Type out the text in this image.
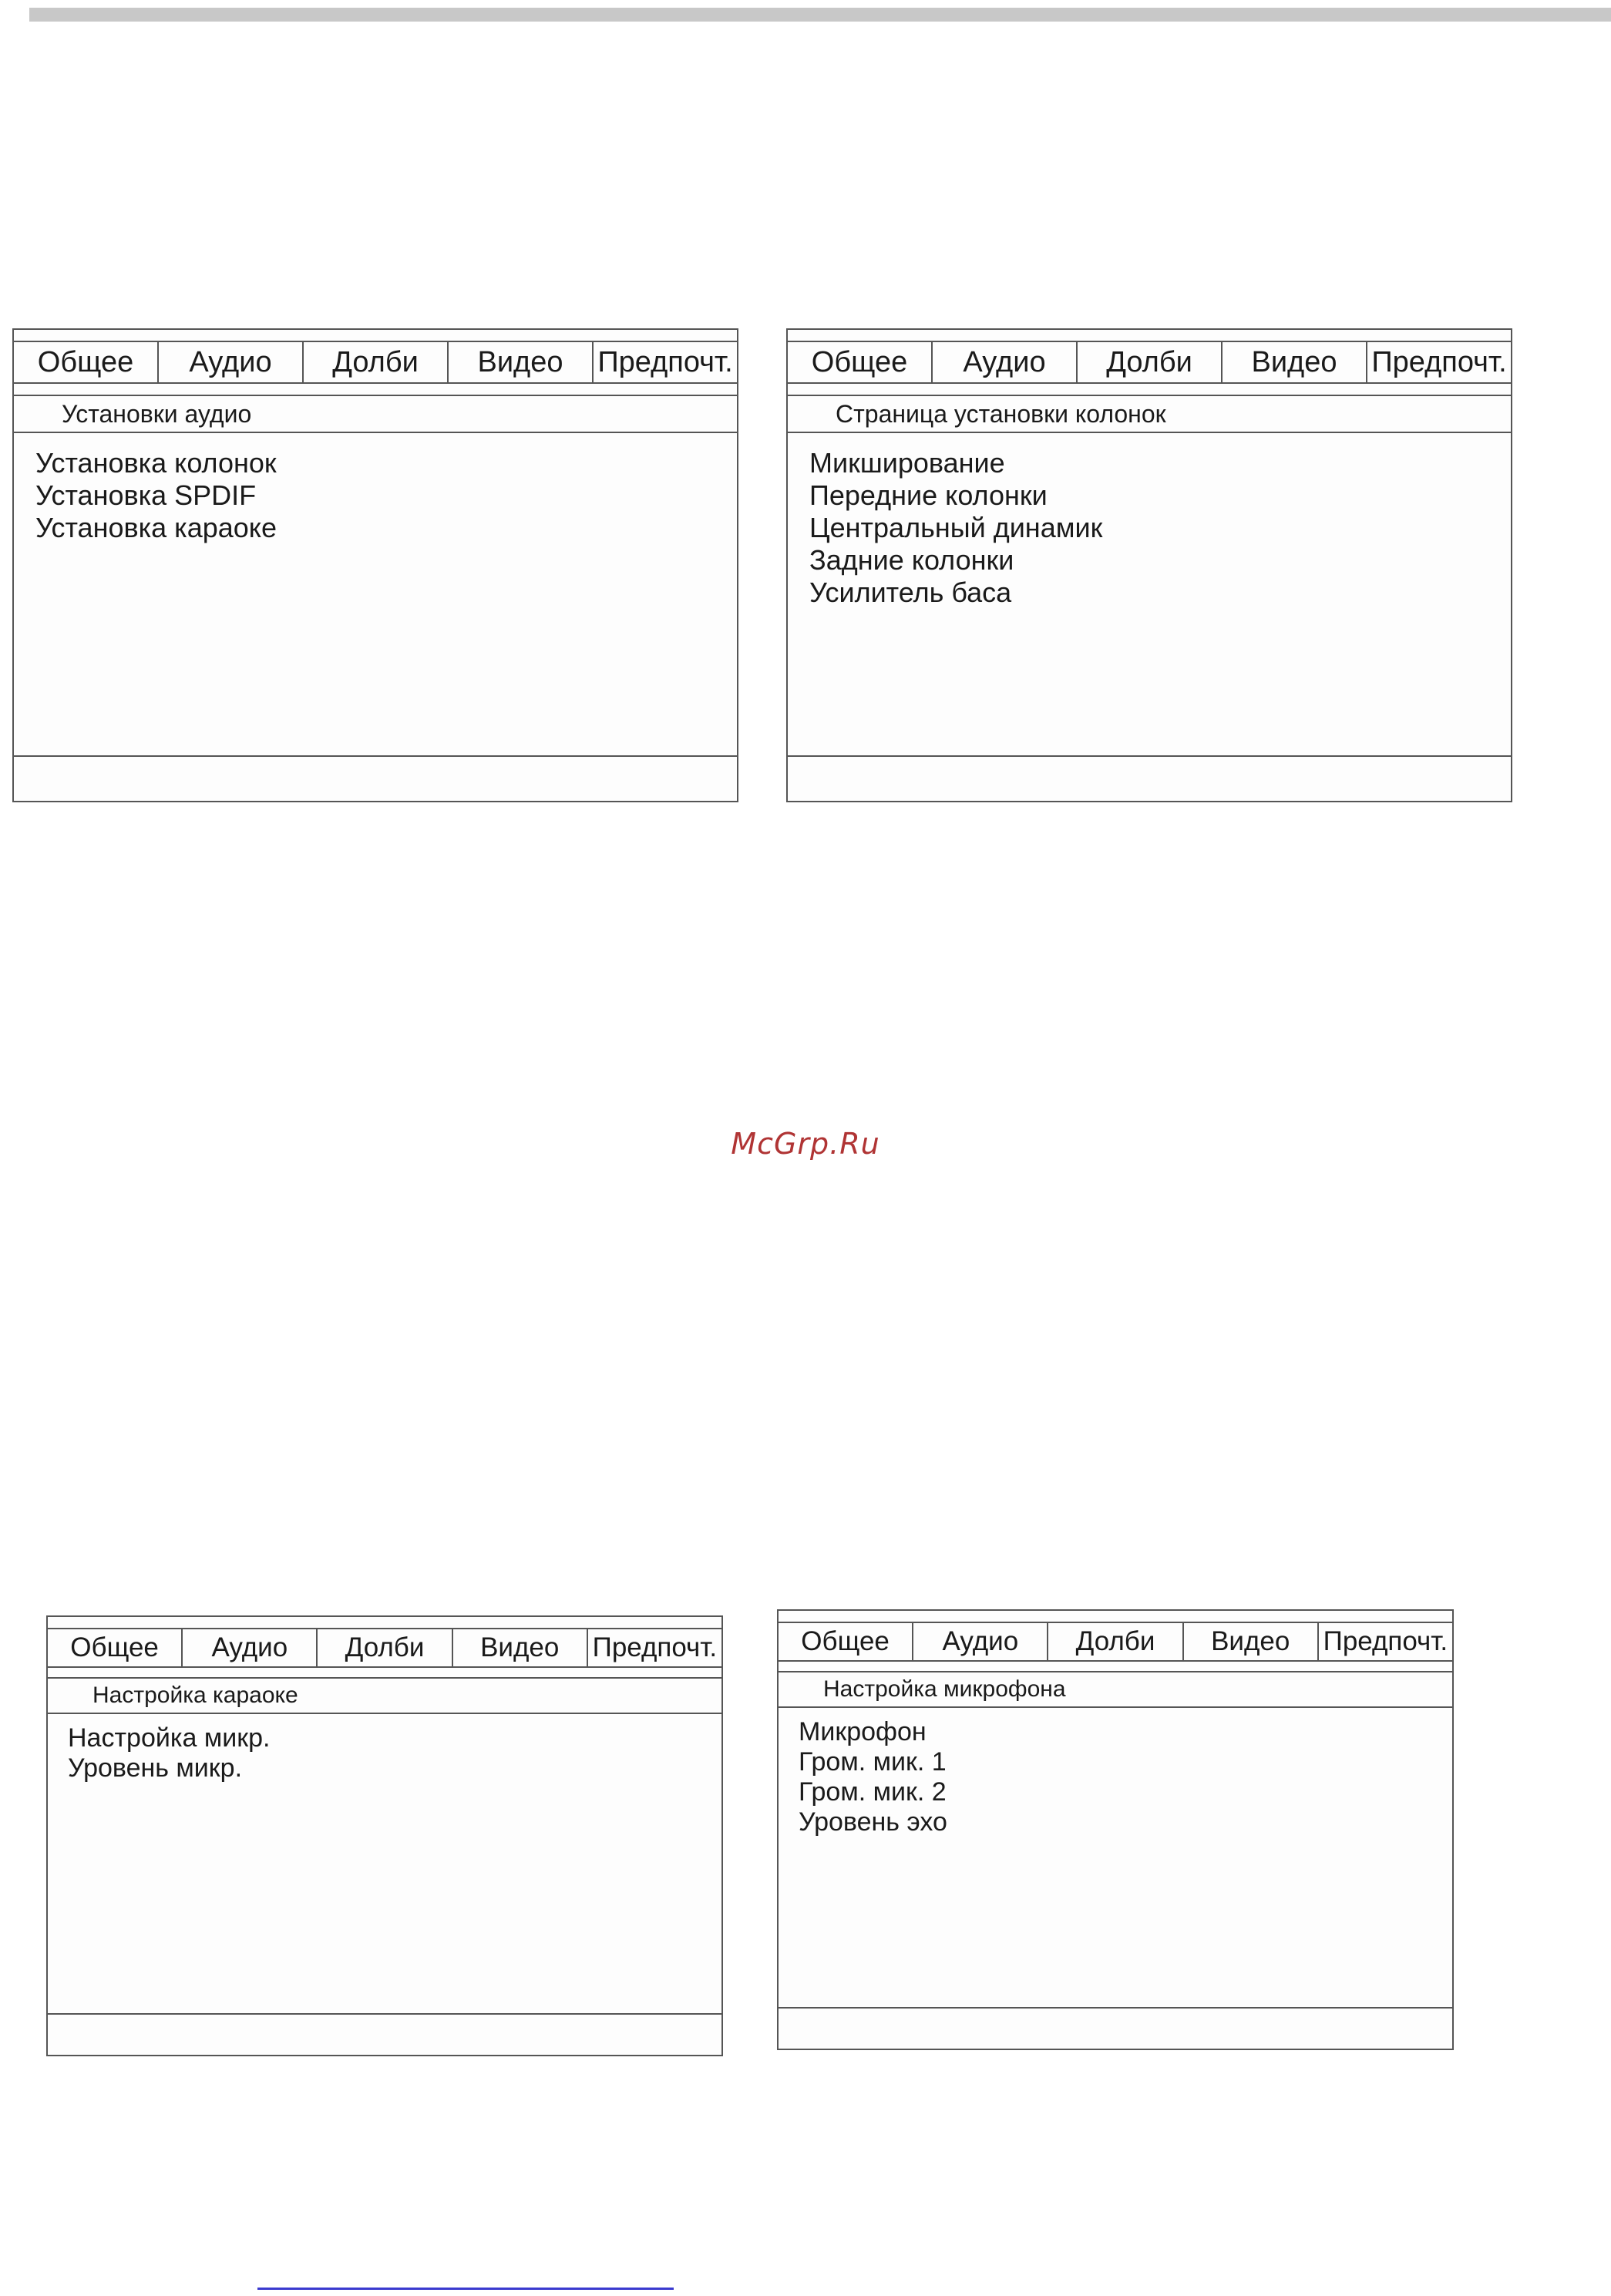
Общее	Аудио	Долби	Видео	Предпочт.
Установки аудио
Установка колонок
Установка SPDIF
Установка караоке
Общее	Аудио	Долби	Видео	Предпочт.
Страница установки колонок
Микширование
Передние колонки
Центральный динамик
Задние колонки
Усилитель баса
McGrp.Ru
Общее	Аудио	Долби	Видео	Предпочт.
Настройка караоке
Настройка микр.
Уровень микр.
Общее	Аудио	Долби	Видео	Предпочт.
Настройка микрофона
Микрофон
Гром. мик. 1
Гром. мик. 2
Уровень эхо
